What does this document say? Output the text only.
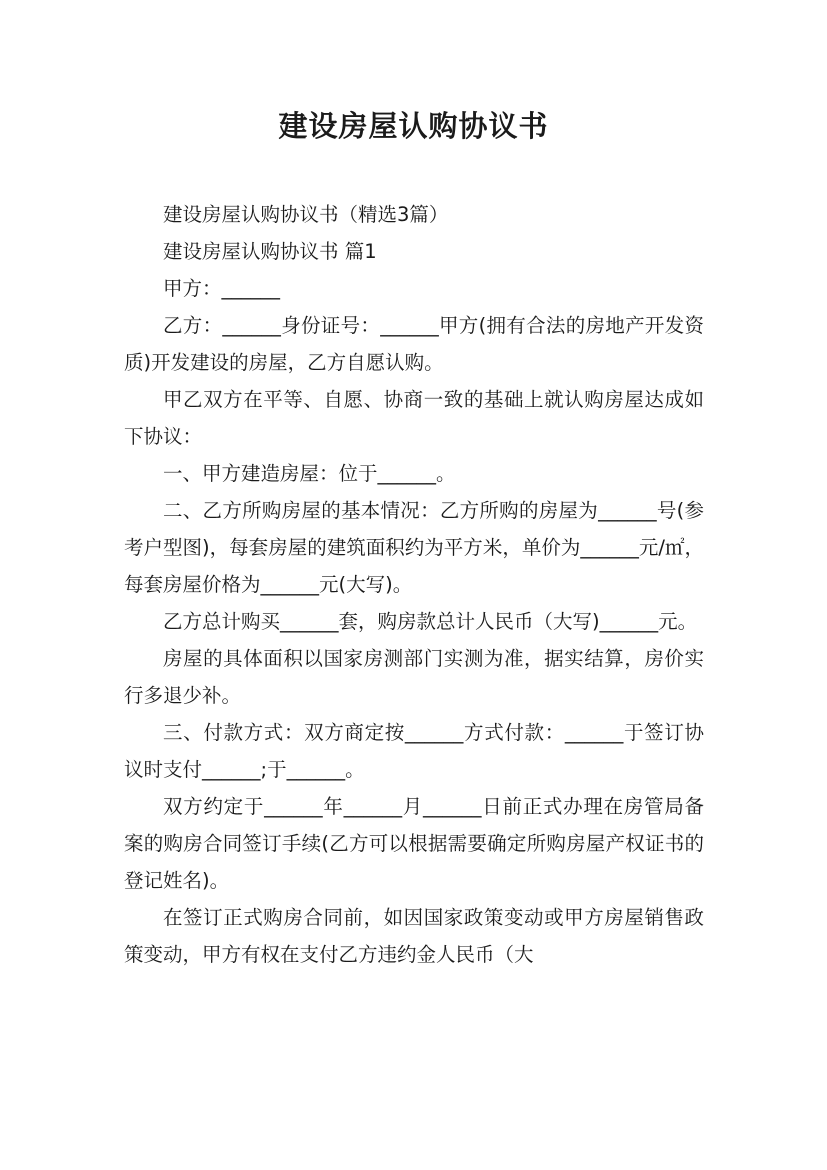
建设房屋认购协议书

建设房屋认购协议书（精选3篇）

建设房屋认购协议书 篇1

甲方：______

乙方：______身份证号：______甲方(拥有合法的房地产开发资质)开发建设的房屋，乙方自愿认购。

甲乙双方在平等、自愿、协商一致的基础上就认购房屋达成如下协议：

一、甲方建造房屋：位于______。

二、乙方所购房屋的基本情况：乙方所购的房屋为______号(参考户型图)，每套房屋的建筑面积约为平方米，单价为______元/㎡，每套房屋价格为______元(大写)。

乙方总计购买______套，购房款总计人民币（大写)______元。

房屋的具体面积以国家房测部门实测为准，据实结算，房价实行多退少补。

三、付款方式：双方商定按______方式付款：______于签订协议时支付______;于______。

双方约定于______年______月______日前正式办理在房管局备案的购房合同签订手续(乙方可以根据需要确定所购房屋产权证书的登记姓名)。

在签订正式购房合同前，如因国家政策变动或甲方房屋销售政策变动，甲方有权在支付乙方违约金人民币（大
